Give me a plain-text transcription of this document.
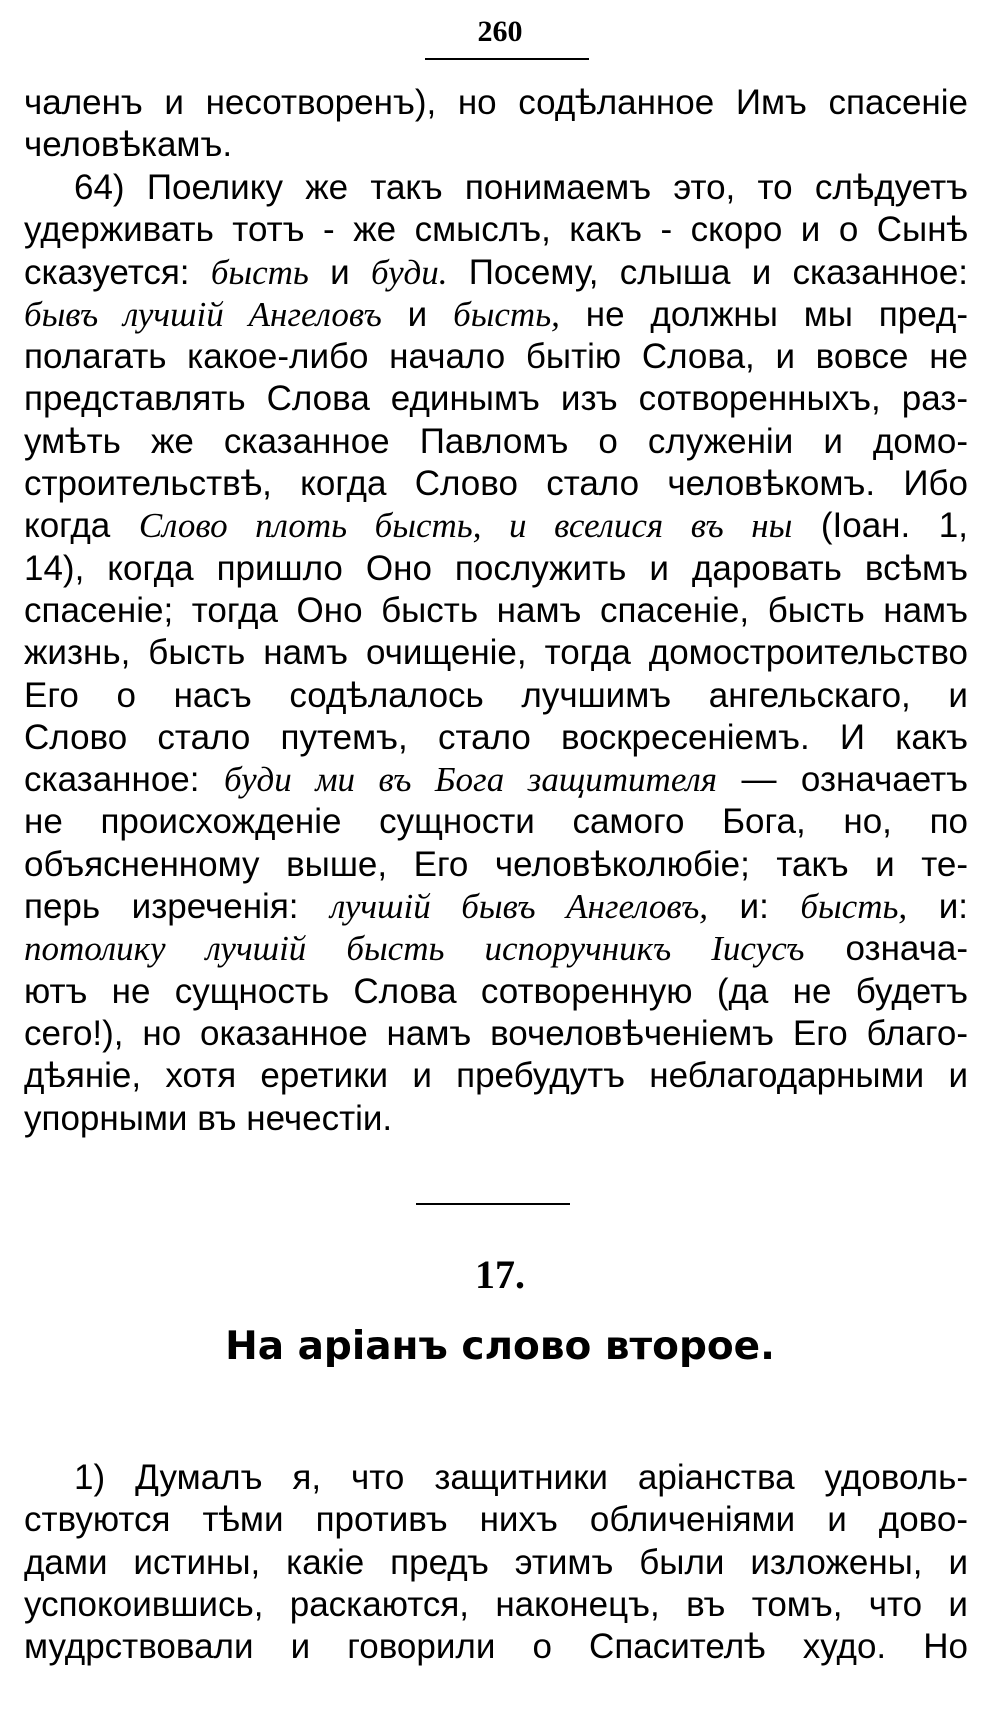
260
чаленъ и несотворенъ), но содѣланное Имъ спасеніе
человѣкамъ.
64) Поелику же такъ понимаемъ это, то слѣдуетъ
удерживать тотъ - же смыслъ, какъ - скоро и о Сынѣ
сказуется: бысть и буди. Посему, слыша и сказанное:
бывъ лучшій Ангеловъ и бысть, не должны мы пред-
полагать какое-либо начало бытію Слова, и вовсе не
представлять Слова единымъ изъ сотворенныхъ, раз-
умѣть же сказанное Павломъ о служеніи и домо-
строительствѣ, когда Слово стало человѣкомъ. Ибо
когда Слово плоть бысть, и вселися въ ны (Іоан. 1,
14), когда пришло Оно послужить и даровать всѣмъ
спасеніе; тогда Оно бысть намъ спасеніе, бысть намъ
жизнь, бысть намъ очищеніе, тогда домостроительство
Его о насъ содѣлалось лучшимъ ангельскаго, и
Слово стало путемъ, стало воскресеніемъ. И какъ
сказанное: буди ми въ Бога защитителя — означаетъ
не происхожденіе сущности самого Бога, но, по
объясненному выше, Его человѣколюбіе; такъ и те-
перь изреченія: лучшій бывъ Ангеловъ, и: бысть, и:
потолику лучшій бысть испоручникъ Іисусъ означа-
ютъ не сущность Слова сотворенную (да не будетъ
сего!), но оказанное намъ вочеловѣченіемъ Его благо-
дѣяніе, хотя еретики и пребудутъ неблагодарными и
упорными въ нечестіи.
17.
На аріанъ слово второе.
1) Думалъ я, что защитники аріанства удоволь-
ствуются тѣми противъ нихъ обличеніями и дово-
дами истины, какіе предъ этимъ были изложены, и
успокоившись, раскаются, наконецъ, въ томъ, что и
мудрствовали и говорили о Спасителѣ худо. Но
